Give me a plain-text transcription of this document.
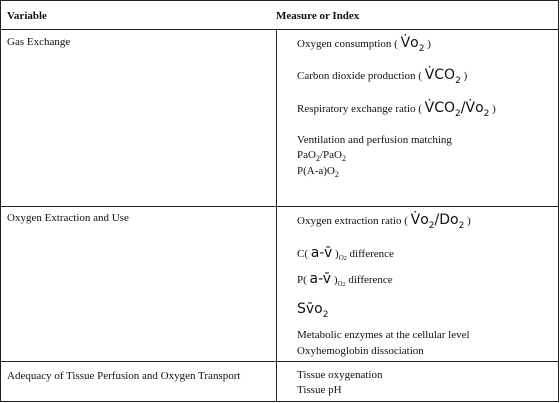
Variable	Measure or Index
Gas Exchange	Oxygen consumption ( $V̇o_2$ )
Carbon dioxide production ( $V̇CO_2$ )
Respiratory exchange ratio ( $V̇CO_2/V̇o_2$ )
Ventilation and perfusion matching
PaO$_2$/PaO$_2$
$P(A-a)O_2$
Oxygen Extraction and Use	Oxygen extraction ratio ( $V̇o_2/Do_2$ )
C( a-v̄ )$_{O2}$ difference
P( a-v̄ )$_{O2}$ difference
$Sv̄o_2$
Metabolic enzymes at the cellular level
Oxyhemoglobin dissociation
Adequacy of Tissue Perfusion and Oxygen Transport	Tissue oxygenation
Tissue pH
